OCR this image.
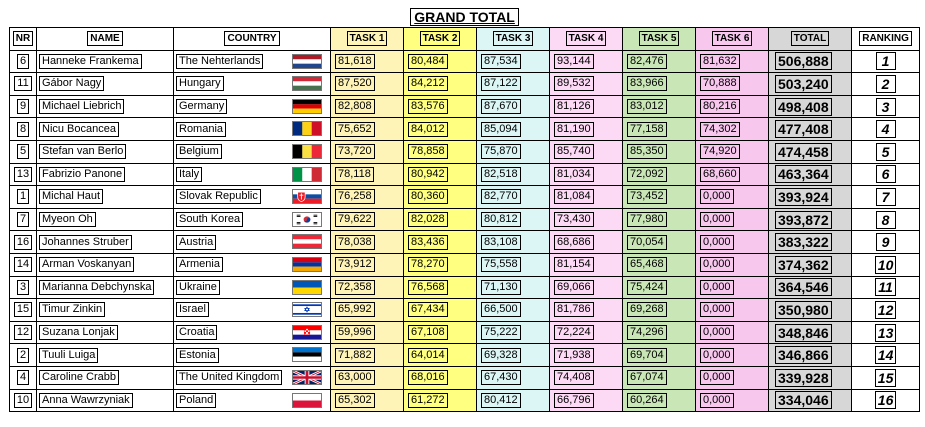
GRAND TOTAL										
NR	NAME	COUNTRY	TASK 1	TASK 2	TASK 3	TASK 4	TASK 5	TASK 6	TOTAL	RANKING
6	Hanneke Frankema	The Nehterlands	81,618	80,484	87,534	93,144	82,476	81,632	506,888	1
11	Gábor Nagy	Hungary	87,520	84,212	87,122	89,532	83,966	70,888	503,240	2
9	Michael Liebrich	Germany	82,808	83,576	87,670	81,126	83,012	80,216	498,408	3
8	Nicu Bocancea	Romania	75,652	84,012	85,094	81,190	77,158	74,302	477,408	4
5	Stefan van Berlo	Belgium	73,720	78,858	75,870	85,740	85,350	74,920	474,458	5
13	Fabrizio Panone	Italy	78,118	80,942	82,518	81,034	72,092	68,660	463,364	6
1	Michal Haut	Slovak Republic	76,258	80,360	82,770	81,084	73,452	0,000	393,924	7
7	Myeon Oh	South Korea	79,622	82,028	80,812	73,430	77,980	0,000	393,872	8
16	Johannes Struber	Austria	78,038	83,436	83,108	68,686	70,054	0,000	383,322	9
14	Arman Voskanyan	Armenia	73,912	78,270	75,558	81,154	65,468	0,000	374,362	10
3	Marianna Debchynska	Ukraine	72,358	76,568	71,130	69,066	75,424	0,000	364,546	11
15	Timur Zinkin	Israel	65,992	67,434	66,500	81,786	69,268	0,000	350,980	12
12	Suzana Lonjak	Croatia	59,996	67,108	75,222	72,224	74,296	0,000	348,846	13
2	Tuuli Luiga	Estonia	71,882	64,014	69,328	71,938	69,704	0,000	346,866	14
4	Caroline Crabb	The United Kingdom	63,000	68,016	67,430	74,408	67,074	0,000	339,928	15
10	Anna Wawrzyniak	Poland	65,302	61,272	80,412	66,796	60,264	0,000	334,046	16
